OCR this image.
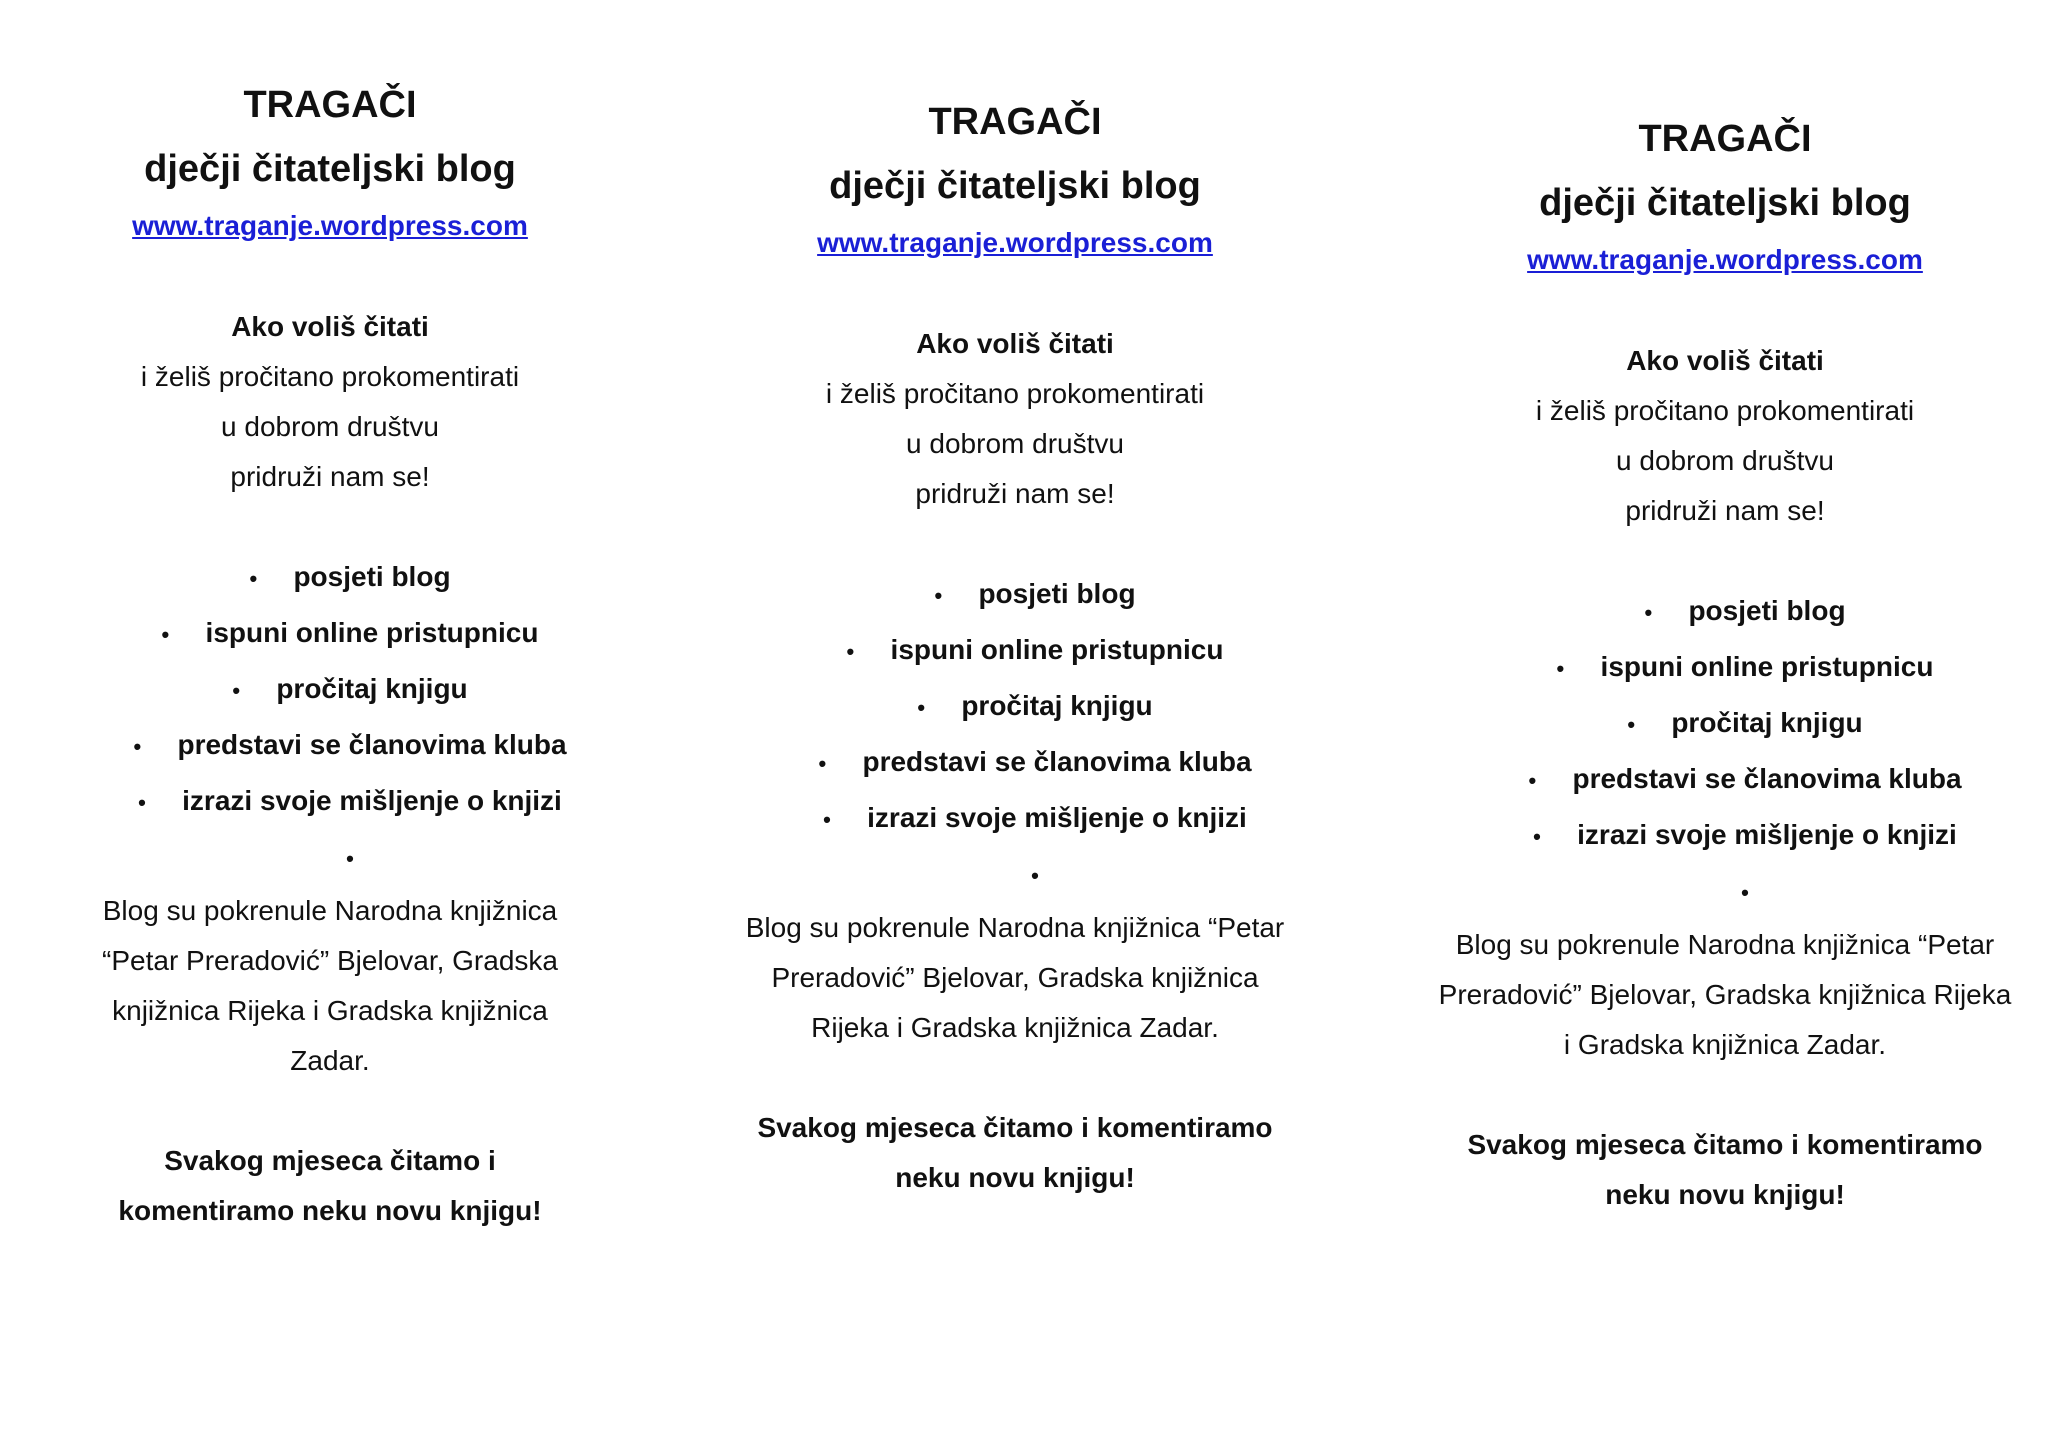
TRAGAČI
dječji čitateljski blog
www.traganje.wordpress.com
Ako voliš čitati
i želiš pročitano prokomentirati
u dobrom društvu
pridruži nam se!
• posjeti blog
• ispuni online pristupnicu
• pročitaj knjigu
• predstavi se članovima kluba
• izrazi svoje mišljenje o knjizi
•
Blog su pokrenule Narodna knjižnica “Petar Preradović” Bjelovar, Gradska knjižnica Rijeka i Gradska knjižnica Zadar.
Svakog mjeseca čitamo i komentiramo neku novu knjigu!
TRAGAČI
dječji čitateljski blog
www.traganje.wordpress.com
Ako voliš čitati
i želiš pročitano prokomentirati
u dobrom društvu
pridruži nam se!
• posjeti blog
• ispuni online pristupnicu
• pročitaj knjigu
• predstavi se članovima kluba
• izrazi svoje mišljenje o knjizi
•
Blog su pokrenule Narodna knjižnica “Petar Preradović” Bjelovar, Gradska knjižnica Rijeka i Gradska knjižnica Zadar.
Svakog mjeseca čitamo i komentiramo neku novu knjigu!
TRAGAČI
dječji čitateljski blog
www.traganje.wordpress.com
Ako voliš čitati
i želiš pročitano prokomentirati
u dobrom društvu
pridruži nam se!
• posjeti blog
• ispuni online pristupnicu
• pročitaj knjigu
• predstavi se članovima kluba
• izrazi svoje mišljenje o knjizi
•
Blog su pokrenule Narodna knjižnica “Petar Preradović” Bjelovar, Gradska knjižnica Rijeka i Gradska knjižnica Zadar.
Svakog mjeseca čitamo i komentiramo neku novu knjigu!
